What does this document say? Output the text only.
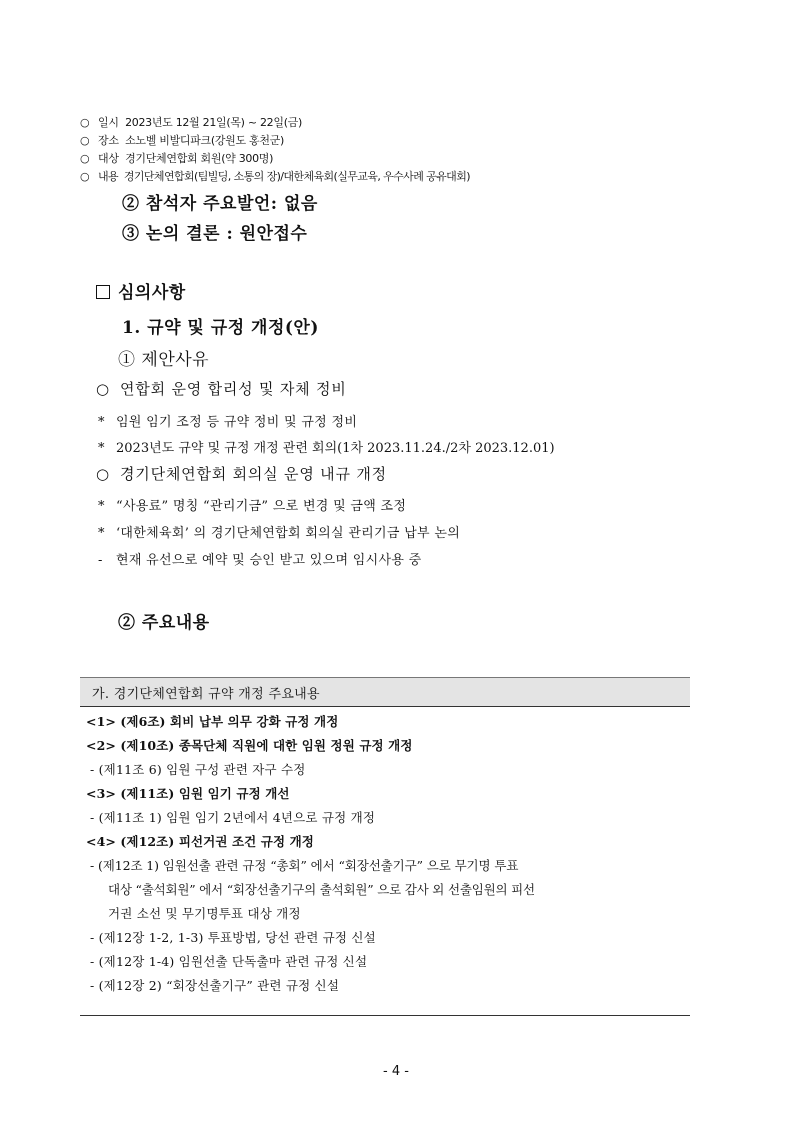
○ 일시 2023년도 12월 21일(목) ~ 22일(금)
○ 장소 소노벨 비발디파크(강원도 홍천군)
○ 대상 경기단체연합회 회원(약 300명)
○ 내용 경기단체연합회(팀빌딩, 소통의 장)/대한체육회(실무교육, 우수사례 공유대회)
② 참석자 주요발언: 없음
③ 논의 결론 : 원안접수
심의사항
1. 규약 및 규정 개정(안)
① 제안사유
○ 연합회 운영 합리성 및 자체 정비
* 임원 임기 조정 등 규약 정비 및 규정 정비
* 2023년도 규약 및 규정 개정 관련 회의(1차 2023.11.24./2차 2023.12.01)
○ 경기단체연합회 회의실 운영 내규 개정
* “사용료” 명칭 “관리기금” 으로 변경 및 금액 조정
* ‘대한체육회’ 의 경기단체연합회 회의실 관리기금 납부 논의
- 현재 유선으로 예약 및 승인 받고 있으며 임시사용 중
② 주요내용
가. 경기단체연합회 규약 개정 주요내용
<1> (제6조) 회비 납부 의무 강화 규정 개정
<2> (제10조) 종목단체 직원에 대한 임원 정원 규정 개정
- (제11조 6) 임원 구성 관련 자구 수정
<3> (제11조) 임원 임기 규정 개선
- (제11조 1) 임원 임기 2년에서 4년으로 규정 개정
<4> (제12조) 피선거권 조건 규정 개정
- (제12조 1) 임원선출 관련 규정 “총회” 에서 “회장선출기구” 으로 무기명 투표
대상 “출석회원” 에서 “회장선출기구의 출석회원” 으로 감사 외 선출임원의 피선
거권 소선 및 무기명투표 대상 개정
- (제12장 1-2, 1-3) 투표방법, 당선 관련 규정 신설
- (제12장 1-4) 임원선출 단독출마 관련 규정 신설
- (제12장 2) “회장선출기구” 관련 규정 신설
- 4 -
